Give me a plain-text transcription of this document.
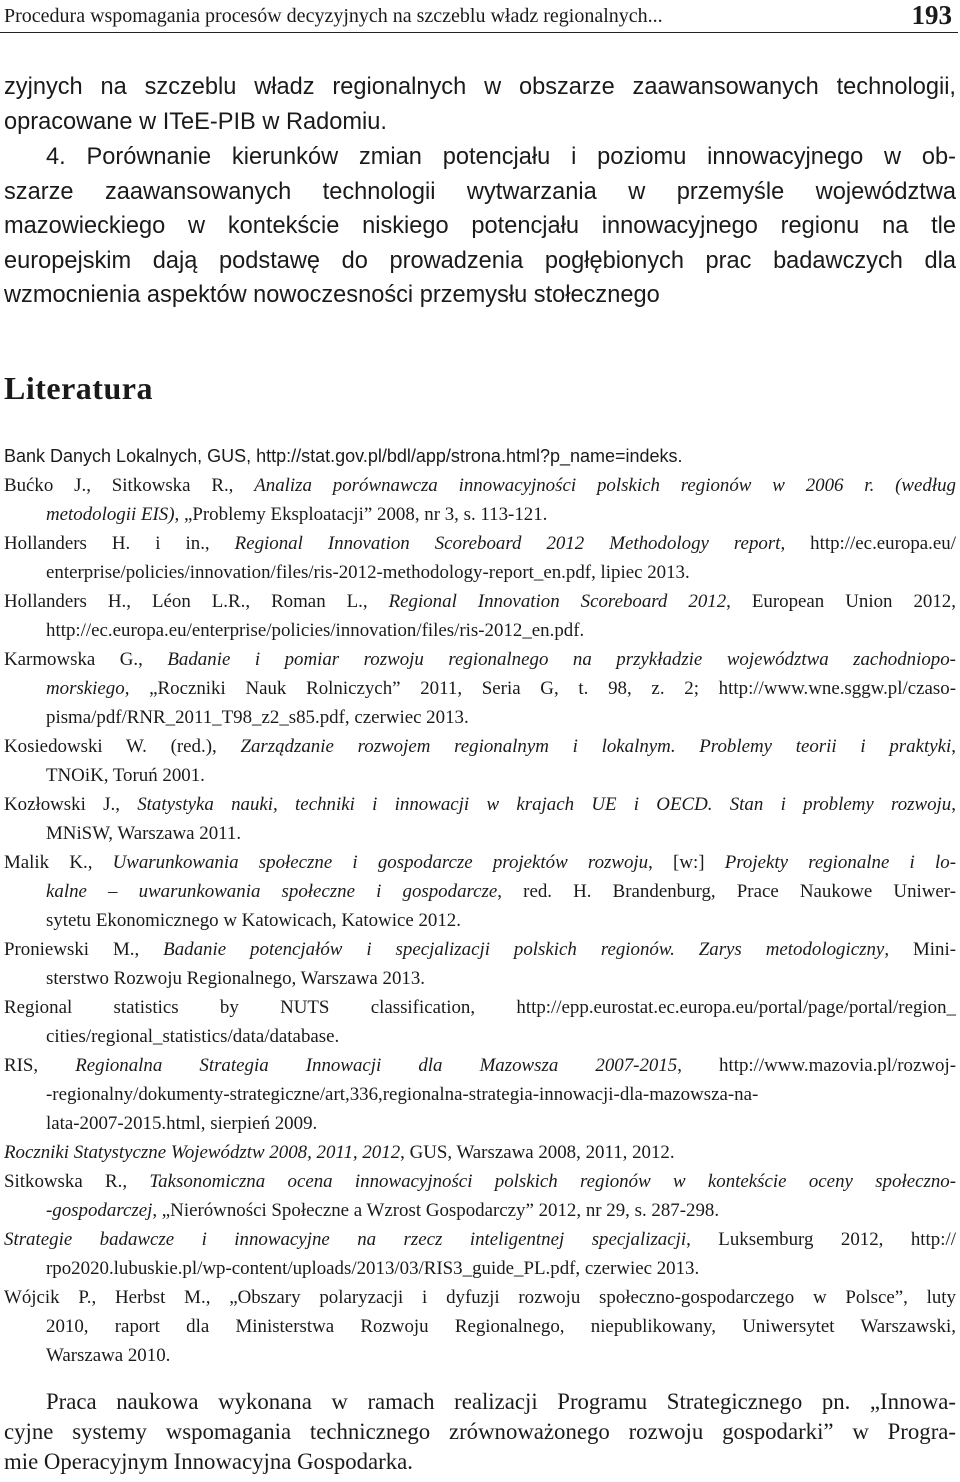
Procedura wspomagania procesów decyzyjnych na szczeblu władz regionalnych...	193
zyjnych na szczeblu władz regionalnych w obszarze zaawansowanych technologii,
opracowane w ITeE-PIB w Radomiu.
4. Porównanie kierunków zmian potencjału i poziomu innowacyjnego w ob-
szarze zaawansowanych technologii wytwarzania w przemyśle województwa
mazowieckiego w kontekście niskiego potencjału innowacyjnego regionu na tle
europejskim dają podstawę do prowadzenia pogłębionych prac badawczych dla
wzmocnienia aspektów nowoczesności przemysłu stołecznego
Literatura
Bank Danych Lokalnych, GUS, http://stat.gov.pl/bdl/app/strona.html?p_name=indeks.
Bućko J., Sitkowska R., Analiza porównawcza innowacyjności polskich regionów w 2006 r. (według
metodologii EIS), „Problemy Eksploatacji” 2008, nr 3, s. 113-121.
Hollanders H. i in., Regional Innovation Scoreboard 2012 Methodology report, http://ec.europa.eu/
enterprise/policies/innovation/files/ris-2012-methodology-report_en.pdf, lipiec 2013.
Hollanders H., Léon L.R., Roman L., Regional Innovation Scoreboard 2012, European Union 2012,
http://ec.europa.eu/enterprise/policies/innovation/files/ris-2012_en.pdf.
Karmowska G., Badanie i pomiar rozwoju regionalnego na przykładzie województwa zachodniopo-
morskiego, „Roczniki Nauk Rolniczych” 2011, Seria G, t. 98, z. 2; http://www.wne.sggw.pl/czaso-
pisma/pdf/RNR_2011_T98_z2_s85.pdf, czerwiec 2013.
Kosiedowski W. (red.), Zarządzanie rozwojem regionalnym i lokalnym. Problemy teorii i praktyki,
TNOiK, Toruń 2001.
Kozłowski J., Statystyka nauki, techniki i innowacji w krajach UE i OECD. Stan i problemy rozwoju,
MNiSW, Warszawa 2011.
Malik K., Uwarunkowania społeczne i gospodarcze projektów rozwoju, [w:] Projekty regionalne i lo-
kalne – uwarunkowania społeczne i gospodarcze, red. H. Brandenburg, Prace Naukowe Uniwer-
sytetu Ekonomicznego w Katowicach, Katowice 2012.
Proniewski M., Badanie potencjałów i specjalizacji polskich regionów. Zarys metodologiczny, Mini-
sterstwo Rozwoju Regionalnego, Warszawa 2013.
Regional statistics by NUTS classification, http://epp.eurostat.ec.europa.eu/portal/page/portal/region_
cities/regional_statistics/data/database.
RIS, Regionalna Strategia Innowacji dla Mazowsza 2007-2015, http://www.mazovia.pl/rozwoj-
-regionalny/dokumenty-strategiczne/art,336,regionalna-strategia-innowacji-dla-mazowsza-na-
lata-2007-2015.html, sierpień 2009.
Roczniki Statystyczne Województw 2008, 2011, 2012, GUS, Warszawa 2008, 2011, 2012.
Sitkowska R., Taksonomiczna ocena innowacyjności polskich regionów w kontekście oceny społeczno-
-gospodarczej, „Nierówności Społeczne a Wzrost Gospodarczy” 2012, nr 29, s. 287-298.
Strategie badawcze i innowacyjne na rzecz inteligentnej specjalizacji, Luksemburg 2012, http://
rpo2020.lubuskie.pl/wp-content/uploads/2013/03/RIS3_guide_PL.pdf, czerwiec 2013.
Wójcik P., Herbst M., „Obszary polaryzacji i dyfuzji rozwoju społeczno-gospodarczego w Polsce”, luty
2010, raport dla Ministerstwa Rozwoju Regionalnego, niepublikowany, Uniwersytet Warszawski,
Warszawa 2010.
Praca naukowa wykonana w ramach realizacji Programu Strategicznego pn. „Innowa-
cyjne systemy wspomagania technicznego zrównoważonego rozwoju gospodarki” w Progra-
mie Operacyjnym Innowacyjna Gospodarka.
